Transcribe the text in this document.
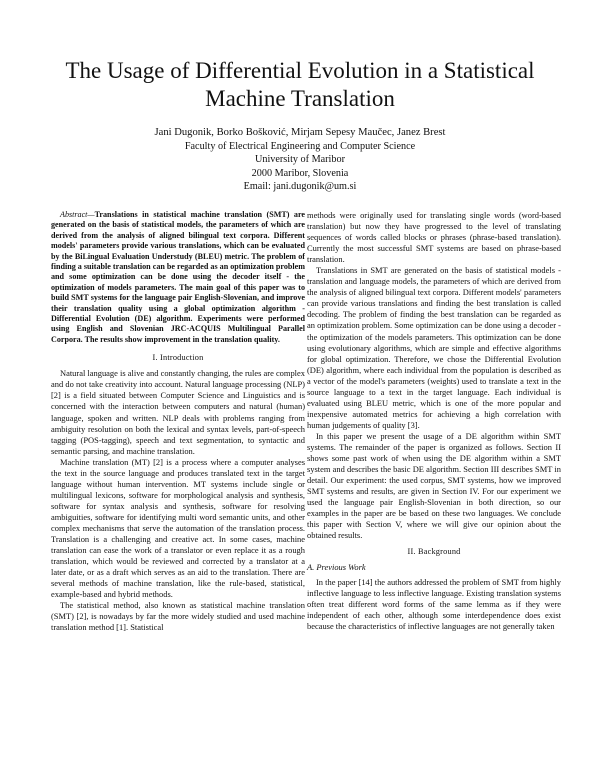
The Usage of Differential Evolution in a Statistical Machine Translation
Jani Dugonik, Borko Bošković, Mirjam Sepesy Maučec, Janez Brest
Faculty of Electrical Engineering and Computer Science
University of Maribor
2000 Maribor, Slovenia
Email: jani.dugonik@um.si

Abstract—Translations in statistical machine translation (SMT) are generated on the basis of statistical models, the parameters of which are derived from the analysis of aligned bilingual text corpora. Different models' parameters provide various translations, which can be evaluated by the BiLingual Evaluation Understudy (BLEU) metric. The problem of finding a suitable translation can be regarded as an optimization problem and some optimization can be done using the decoder itself - the optimization of models parameters. The main goal of this paper was to build SMT systems for the language pair English-Slovenian, and improve their translation quality using a global optimization algorithm - Differential Evolution (DE) algorithm. Experiments were performed using English and Slovenian JRC-ACQUIS Multilingual Parallel Corpora. The results show improvement in the translation quality.

I. Introduction

Natural language is alive and constantly changing, the rules are complex and do not take creativity into account. Natural language processing (NLP) [2] is a field situated between Computer Science and Linguistics and is concerned with the interaction between computers and natural (human) language, spoken and written. NLP deals with problems ranging from ambiguity resolution on both the lexical and syntax levels, part-of-speech tagging (POS-tagging), speech and text segmentation, to syntactic and semantic parsing, and machine translation.

Machine translation (MT) [2] is a process where a computer analyses the text in the source language and produces translated text in the target language without human intervention. MT systems include single or multilingual lexicons, software for morphological analysis and synthesis, software for syntax analysis and synthesis, software for resolving ambiguities, software for identifying multi word semantic units, and other complex mechanisms that serve the automation of the translation process. Translation is a challenging and creative act. In some cases, machine translation can ease the work of a translator or even replace it as a rough translation, which would be reviewed and corrected by a translator at a later date, or as a draft which serves as an aid to the translation. There are several methods of machine translation, like the rule-based, statistical, example-based and hybrid methods.

The statistical method, also known as statistical machine translation (SMT) [2], is nowadays by far the more widely studied and used machine translation method [1]. Statistical

methods were originally used for translating single words (word-based translation) but now they have progressed to the level of translating sequences of words called blocks or phrases (phrase-based translation). Currently the most successful SMT systems are based on phrase-based translation.

Translations in SMT are generated on the basis of statistical models - translation and language models, the parameters of which are derived from the analysis of aligned bilingual text corpora. Different models' parameters can provide various translations and finding the best translation is called decoding. The problem of finding the best translation can be regarded as an optimization problem. Some optimization can be done using a decoder - the optimization of the models parameters. This optimization can be done using evolutionary algorithms, which are simple and effective algorithms for global optimization. Therefore, we chose the Differential Evolution (DE) algorithm, where each individual from the population is described as a vector of the model's parameters (weights) used to translate a text in the source language to a text in the target language. Each individual is evaluated using BLEU metric, which is one of the more popular and inexpensive automated metrics for achieving a high correlation with human judgements of quality [3].

In this paper we present the usage of a DE algorithm within SMT systems. The remainder of the paper is organized as follows. Section II shows some past work of when using the DE algorithm within a SMT system and describes the basic DE algorithm. Section III describes SMT in detail. Our experiment: the used corpus, SMT systems, how we improved SMT systems and results, are given in Section IV. For our experiment we used the language pair English-Slovenian in both direction, so our examples in the paper are be based on these two languages. We conclude this paper with Section V, where we will give our opinion about the obtained results.

II. Background
A. Previous Work

In the paper [14] the authors addressed the problem of SMT from highly inflective language to less inflective language. Existing translation systems often treat different word forms of the same lemma as if they were independent of each other, although some interdependence does exist because the characteristics of inflective languages are not generally taken
